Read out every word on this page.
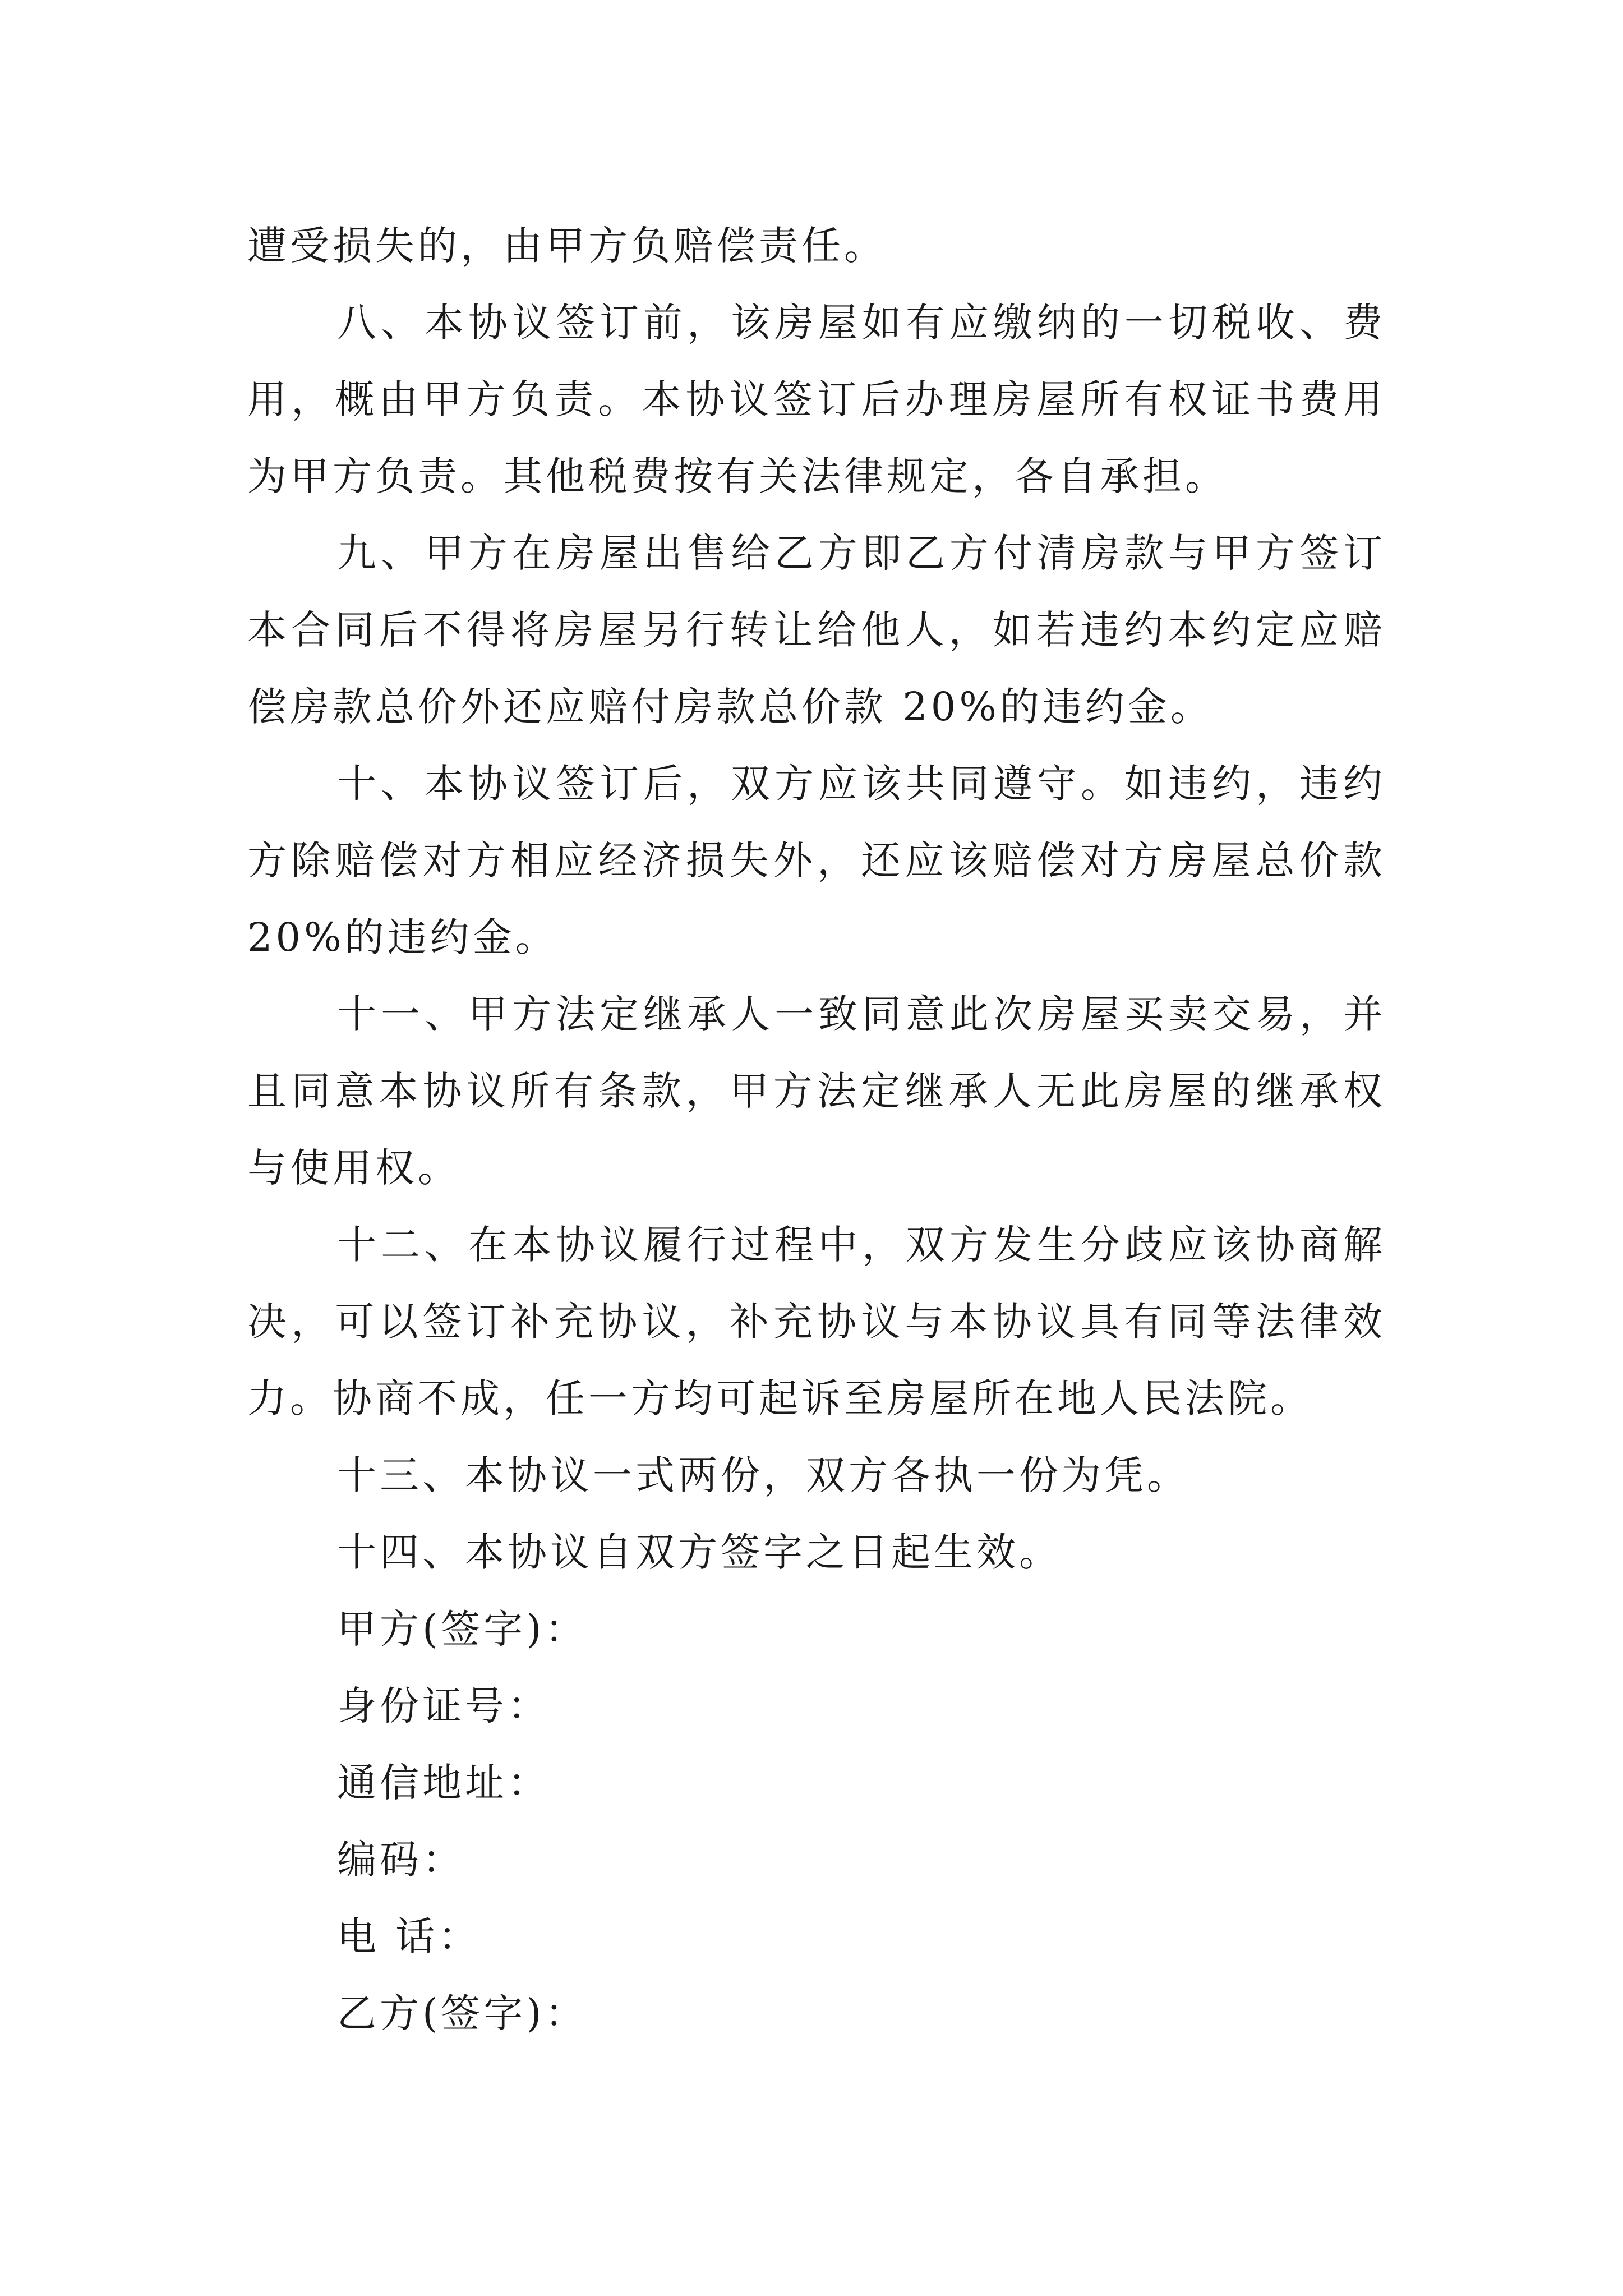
遭受损失的，由甲方负赔偿责任。

八、本协议签订前，该房屋如有应缴纳的一切税收、费用，概由甲方负责。本协议签订后办理房屋所有权证书费用为甲方负责。其他税费按有关法律规定，各自承担。

九、甲方在房屋出售给乙方即乙方付清房款与甲方签订本合同后不得将房屋另行转让给他人，如若违约本约定应赔偿房款总价外还应赔付房款总价款 20%的违约金。

十、本协议签订后，双方应该共同遵守。如违约，违约方除赔偿对方相应经济损失外，还应该赔偿对方房屋总价款 20%的违约金。

十一、甲方法定继承人一致同意此次房屋买卖交易，并且同意本协议所有条款，甲方法定继承人无此房屋的继承权与使用权。

十二、在本协议履行过程中，双方发生分歧应该协商解决，可以签订补充协议，补充协议与本协议具有同等法律效力。协商不成，任一方均可起诉至房屋所在地人民法院。

十三、本协议一式两份，双方各执一份为凭。

十四、本协议自双方签字之日起生效。

甲方(签字)：

身份证号：

通信地址：

编码：

电 话：

乙方(签字)：
